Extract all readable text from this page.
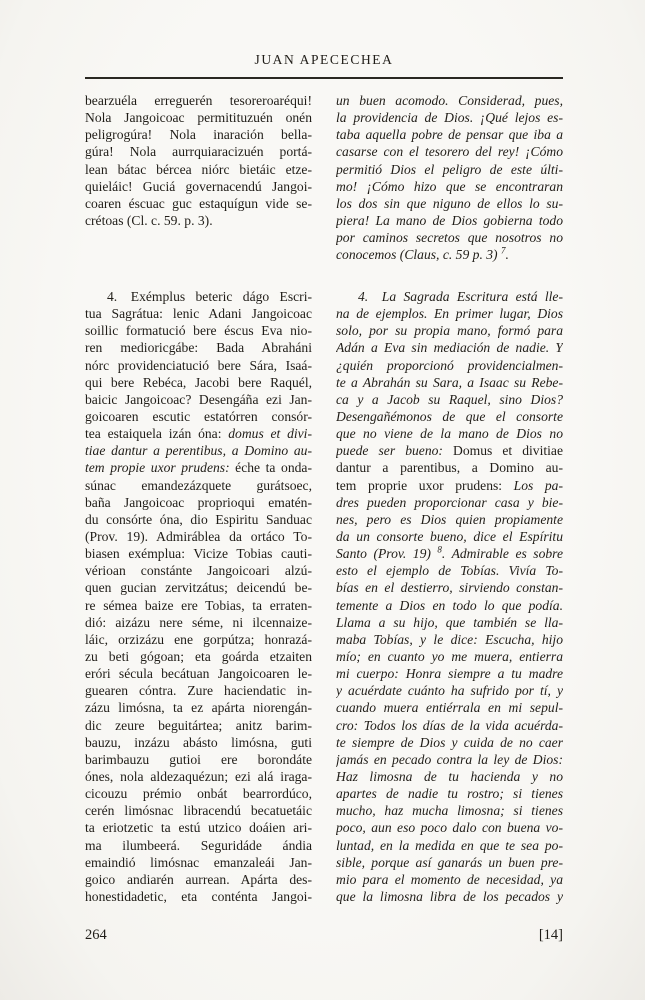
JUAN APECECHEA
bearzuéla erreguerén tesoreroaréqui!
Nola Jangoicoac permitituzuén onén
peligrogúra! Nola inaración bella-
gúra! Nola aurrquiaracizuén portá-
lean bátac bércea niórc bietáic etze-
quieláic! Guciá governacendú Jangoi-
coaren éscuac guc estaquígun vide se-
crétoas (Cl. c. 59. p. 3).
4. Exémplus beteric dágo Escri-
tua Sagrátua: lenic Adani Jangoicoac
soillic formatució bere éscus Eva nio-
ren medioricgábe: Bada Abraháni
nórc providenciatució bere Sára, Isaá-
qui bere Rebéca, Jacobi bere Raquél,
baicic Jangoicoac? Desengáña ezi Jan-
goicoaren escutic estatórren consór-
tea estaiquela izán óna: domus et divi-
tiae dantur a perentibus, a Domino au-
tem propie uxor prudens: éche ta onda-
súnac emandezázquete gurátsoec,
baña Jangoicoac proprioqui ematén-
du consórte óna, dio Espiritu Sanduac
(Prov. 19). Admiráblea da ortáco To-
biasen exémplua: Vicize Tobias cauti-
vérioan constánte Jangoicoari alzú-
quen gucian zervitzátus; deicendú be-
re sémea baize ere Tobias, ta erraten-
dió: aizázu nere séme, ni ilcennaize-
láic, orzizázu ene gorpútza; honrazá-
zu beti gógoan; eta goárda etzaiten
eróri sécula becátuan Jangoicoaren le-
guearen cóntra. Zure haciendatic in-
zázu limósna, ta ez apárta niorengán-
dic zeure beguitártea; anitz barim-
bauzu, inzázu abásto limósna, guti
barimbauzu gutioi ere borondáte
ónes, nola aldezaquézun; ezi alá iraga-
cicouzu prémio onbát bearrordúco,
cerén limósnac libracendú becatuetáic
ta eriotzetic ta estú utzico doáien ari-
ma ilumbeerá. Seguridáde ándia
emaindió limósnac emanzaleái Jan-
goico andiarén aurrean. Apárta des-
honestidadetic, eta conténta Jangoi-
un buen acomodo. Considerad, pues,
la providencia de Dios. ¡Qué lejos es-
taba aquella pobre de pensar que iba a
casarse con el tesorero del rey! ¡Cómo
permitió Dios el peligro de este últi-
mo! ¡Cómo hizo que se encontraran
los dos sin que niguno de ellos lo su-
piera! La mano de Dios gobierna todo
por caminos secretos que nosotros no
conocemos (Claus, c. 59 p. 3) $^7$.
4. La Sagrada Escritura está lle-
na de ejemplos. En primer lugar, Dios
solo, por su propia mano, formó para
Adán a Eva sin mediación de nadie. Y
¿quién proporcionó providencialmen-
te a Abrahán su Sara, a Isaac su Rebe-
ca y a Jacob su Raquel, sino Dios?
Desengañémonos de que el consorte
que no viene de la mano de Dios no
puede ser bueno: Domus et divitiae
dantur a parentibus, a Domino au-
tem proprie uxor prudens: Los pa-
dres pueden proporcionar casa y bie-
nes, pero es Dios quien propiamente
da un consorte bueno, dice el Espíritu
Santo (Prov. 19) $^8$. Admirable es sobre
esto el ejemplo de Tobías. Vivía To-
bías en el destierro, sirviendo constan-
temente a Dios en todo lo que podía.
Llama a su hijo, que también se lla-
maba Tobías, y le dice: Escucha, hijo
mío; en cuanto yo me muera, entierra
mi cuerpo: Honra siempre a tu madre
y acuérdate cuánto ha sufrido por tí, y
cuando muera entiérrala en mi sepul-
cro: Todos los días de la vida acuérda-
te siempre de Dios y cuida de no caer
jamás en pecado contra la ley de Dios:
Haz limosna de tu hacienda y no
apartes de nadie tu rostro; si tienes
mucho, haz mucha limosna; si tienes
poco, aun eso poco dalo con buena vo-
luntad, en la medida en que te sea po-
sible, porque así ganarás un buen pre-
mio para el momento de necesidad, ya
que la limosna libra de los pecados y
264	[14]
